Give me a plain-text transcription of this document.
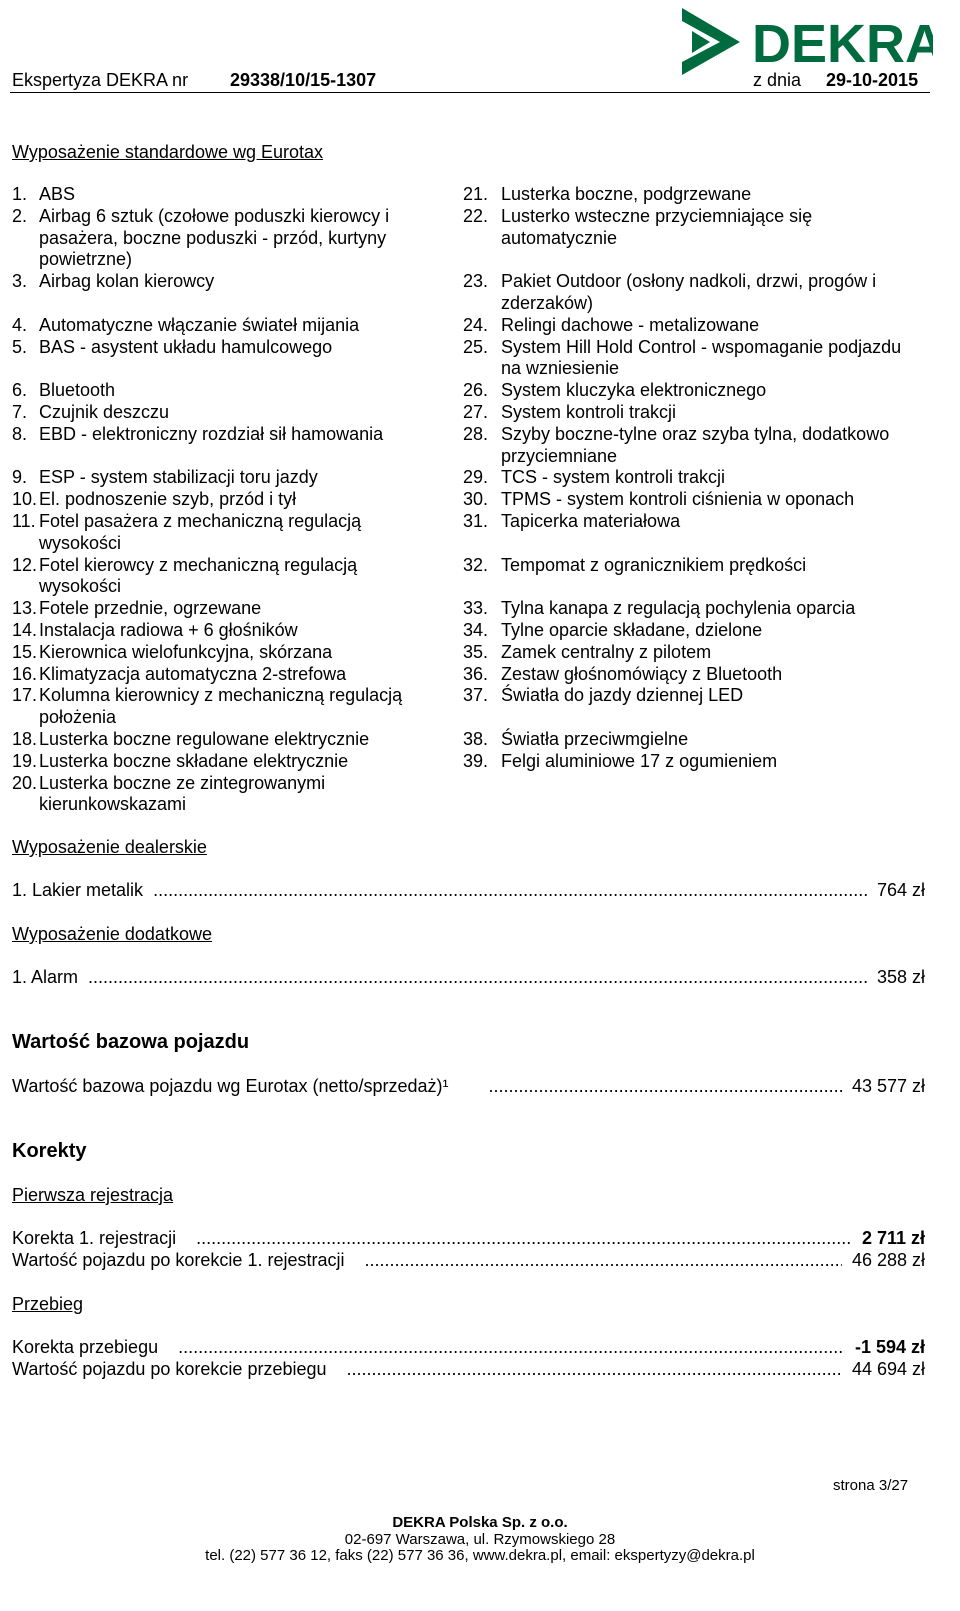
Ekspertyza DEKRA nr 29338/10/15-1307	z dnia 29-10-2015
DEKRA
Wyposażenie standardowe wg Eurotax
1. ABS
2. Airbag 6 sztuk (czołowe poduszki kierowcy i pasażera, boczne poduszki - przód, kurtyny powietrzne)
3. Airbag kolan kierowcy
4. Automatyczne włączanie świateł mijania
5. BAS - asystent układu hamulcowego
6. Bluetooth
7. Czujnik deszczu
8. EBD - elektroniczny rozdział sił hamowania
9. ESP - system stabilizacji toru jazdy
10. El. podnoszenie szyb, przód i tył
11. Fotel pasażera z mechaniczną regulacją wysokości
12. Fotel kierowcy z mechaniczną regulacją wysokości
13. Fotele przednie, ogrzewane
14. Instalacja radiowa + 6 głośników
15. Kierownica wielofunkcyjna, skórzana
16. Klimatyzacja automatyczna 2-strefowa
17. Kolumna kierownicy z mechaniczną regulacją położenia
18. Lusterka boczne regulowane elektrycznie
19. Lusterka boczne składane elektrycznie
20. Lusterka boczne ze zintegrowanymi kierunkowskazami
21. Lusterka boczne, podgrzewane
22. Lusterko wsteczne przyciemniające się automatycznie
23. Pakiet Outdoor (osłony nadkoli, drzwi, progów i zderzaków)
24. Relingi dachowe - metalizowane
25. System Hill Hold Control - wspomaganie podjazdu na wzniesienie
26. System kluczyka elektronicznego
27. System kontroli trakcji
28. Szyby boczne-tylne oraz szyba tylna, dodatkowo przyciemniane
29. TCS - system kontroli trakcji
30. TPMS - system kontroli ciśnienia w oponach
31. Tapicerka materiałowa
32. Tempomat z ogranicznikiem prędkości
33. Tylna kanapa z regulacją pochylenia oparcia
34. Tylne oparcie składane, dzielone
35. Zamek centralny z pilotem
36. Zestaw głośnomówiący z Bluetooth
37. Światła do jazdy dziennej LED
38. Światła przeciwmgielne
39. Felgi aluminiowe 17 z ogumieniem
Wyposażenie dealerskie
1. Lakier metalik .....	764 zł
Wyposażenie dodatkowe
1. Alarm .....	358 zł
Wartość bazowa pojazdu
Wartość bazowa pojazdu wg Eurotax (netto/sprzedaż)¹ .....	43 577 zł
Korekty
Pierwsza rejestracja
Korekta 1. rejestracji .....	2 711 zł
Wartość pojazdu po korekcie 1. rejestracji .....	46 288 zł
Przebieg
Korekta przebiegu .....	-1 594 zł
Wartość pojazdu po korekcie przebiegu .....	44 694 zł
strona 3/27
DEKRA Polska Sp. z o.o.
02-697 Warszawa, ul. Rzymowskiego 28
tel. (22) 577 36 12, faks (22) 577 36 36, www.dekra.pl, email: ekspertyzy@dekra.pl
